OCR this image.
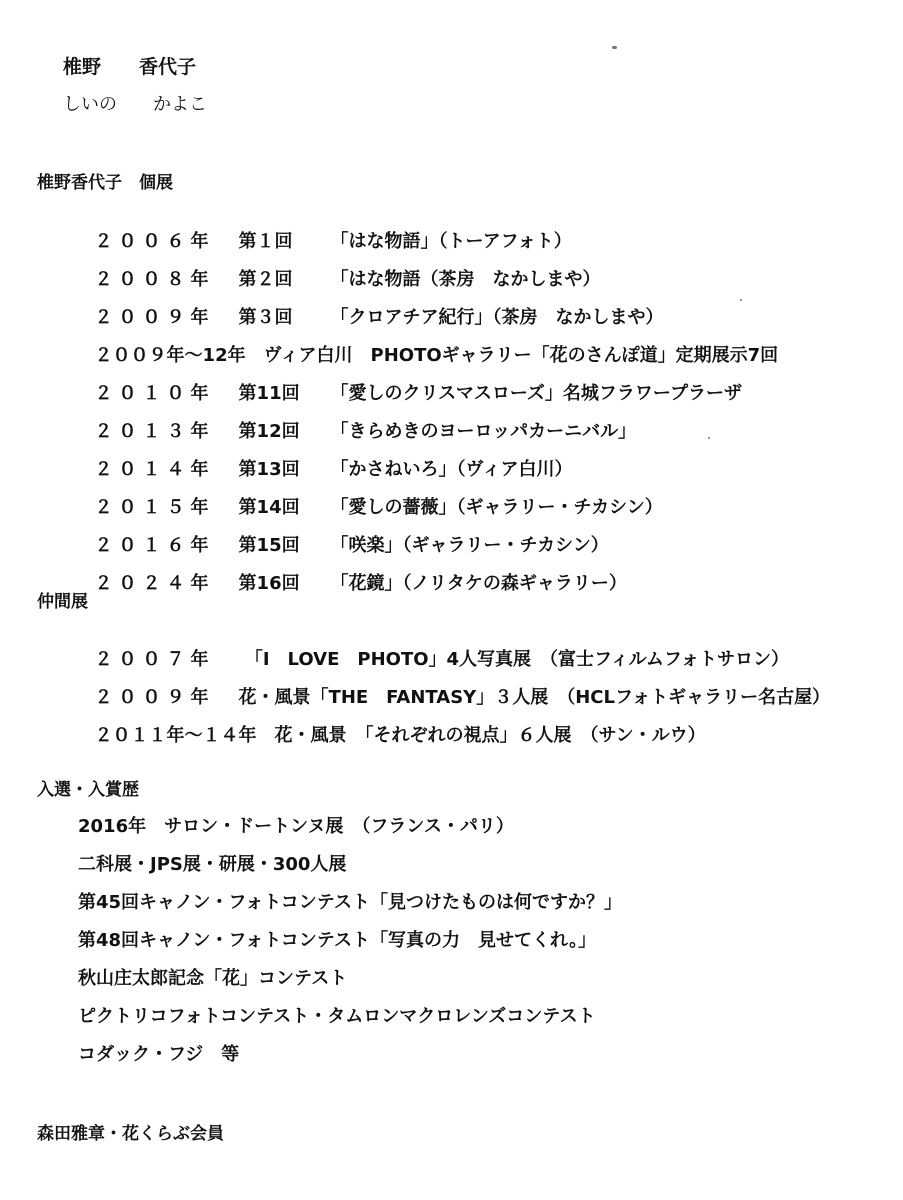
椎野　　香代子
しいの　　かよこ
椎野香代子　個展

２００６年 第１回 「はな物語」（トーアフォト）

２００８年 第２回 「はな物語（茶房　なかしまや）

２００９年 第３回 「クロアチア紀行」（茶房　なかしまや）

２００９年～12年　ヴィア白川　PHOTOギャラリー「花のさんぽ道」定期展示7回

２０１０年 第11回 「愛しのクリスマスローズ」名城フラワープラーザ

２０１３年 第12回 「きらめきのヨーロッパカーニバル」

２０１４年 第13回 「かさねいろ」（ヴィア白川）

２０１５年 第14回 「愛しの薔薇」（ギャラリー・チカシン）

２０１６年 第15回 「咲楽」（ギャラリー・チカシン）

２０２４年 第16回 「花鏡」（ノリタケの森ギャラリー）

仲間展

２００７年 「I　LOVE　PHOTO」4人写真展　（富士フィルムフォトサロン）

２００９年 花・風景「THE　FANTASY」３人展　（HCLフォトギャラリー名古屋）

２０１１年～１４年　花・風景　「それぞれの視点」６人展　（サン・ルウ）

入選・入賞歴
2016年　サロン・ドートンヌ展　（フランス・パリ）
二科展・JPS展・研展・300人展
第45回キャノン・フォトコンテスト「見つけたものは何ですか？」
第48回キャノン・フォトコンテスト「写真の力　見せてくれ。」
秋山庄太郎記念「花」コンテスト
ピクトリコフォトコンテスト・タムロンマクロレンズコンテスト
コダック・フジ　等
森田雅章・花くらぶ会員
